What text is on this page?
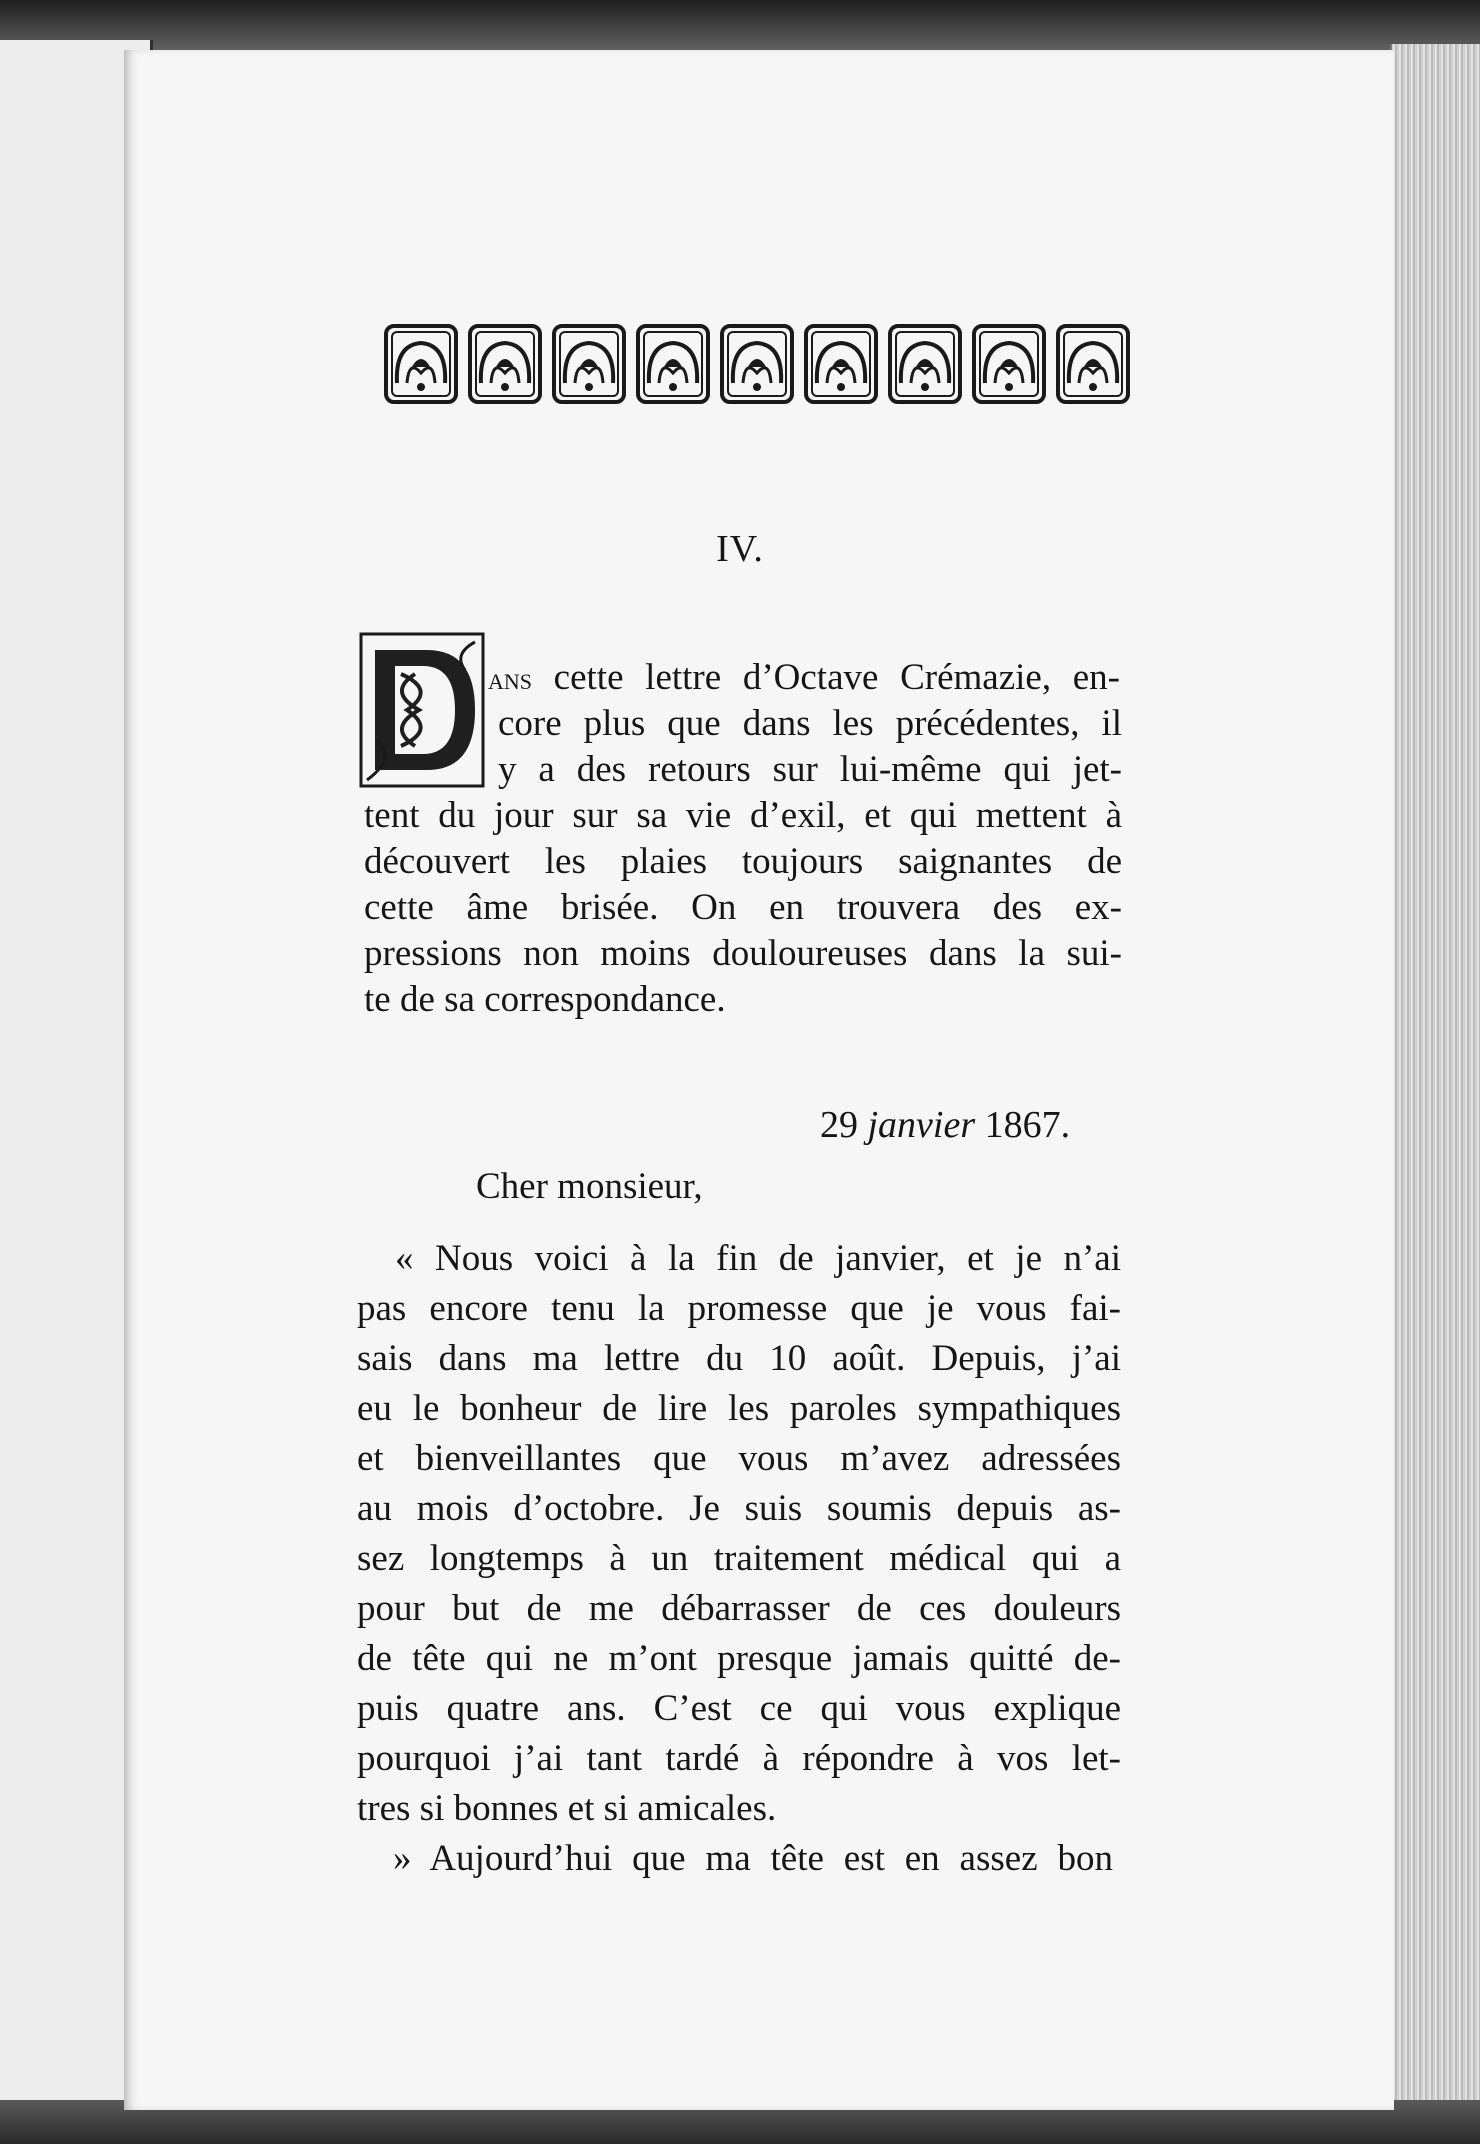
IV.

ans cette lettre d’Octave Crémazie, en-

core plus que dans les précédentes, il

y a des retours sur lui-même qui jet-

tent du jour sur sa vie d’exil, et qui mettent à

découvert les plaies toujours saignantes de

cette âme brisée. On en trouvera des ex-

pressions non moins douloureuses dans la sui-

te de sa correspondance.

29 janvier 1867.
Cher monsieur,

« Nous voici à la fin de janvier, et je n’ai

pas encore tenu la promesse que je vous fai-

sais dans ma lettre du 10 août. Depuis, j’ai

eu le bonheur de lire les paroles sympathiques

et bienveillantes que vous m’avez adressées

au mois d’octobre. Je suis soumis depuis as-

sez longtemps à un traitement médical qui a

pour but de me débarrasser de ces douleurs

de tête qui ne m’ont presque jamais quitté de-

puis quatre ans. C’est ce qui vous explique

pourquoi j’ai tant tardé à répondre à vos let-

tres si bonnes et si amicales.

» Aujourd’hui que ma tête est en assez bon
